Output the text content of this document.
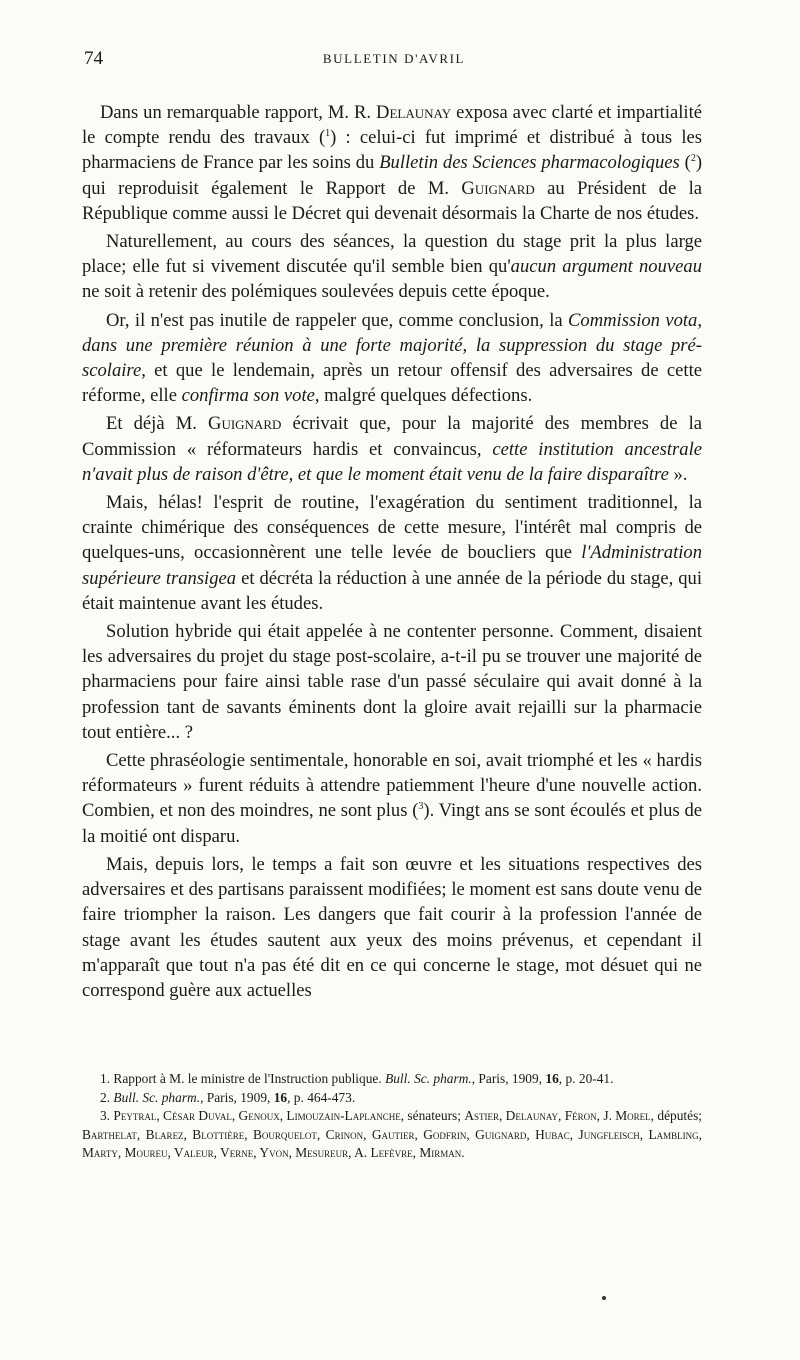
74	BULLETIN D'AVRIL

Dans un remarquable rapport, M. R. Delaunay exposa avec clarté et impartialité le compte rendu des travaux ($^1$) : celui-ci fut imprimé et distribué à tous les pharmaciens de France par les soins du Bulletin des Sciences pharmacologiques ($^2$) qui reproduisit également le Rapport de M. Guignard au Président de la République comme aussi le Décret qui devenait désormais la Charte de nos études.

Naturellement, au cours des séances, la question du stage prit la plus large place; elle fut si vivement discutée qu'il semble bien qu'aucun argument nouveau ne soit à retenir des polémiques soulevées depuis cette époque.

Or, il n'est pas inutile de rappeler que, comme conclusion, la Commission vota, dans une première réunion à une forte majorité, la suppression du stage pré-scolaire, et que le lendemain, après un retour offensif des adversaires de cette réforme, elle confirma son vote, malgré quelques défections.

Et déjà M. Guignard écrivait que, pour la majorité des membres de la Commission « réformateurs hardis et convaincus, cette institution ancestrale n'avait plus de raison d'être, et que le moment était venu de la faire disparaître ».

Mais, hélas! l'esprit de routine, l'exagération du sentiment traditionnel, la crainte chimérique des conséquences de cette mesure, l'intérêt mal compris de quelques-uns, occasionnèrent une telle levée de boucliers que l'Administration supérieure transigea et décréta la réduction à une année de la période du stage, qui était maintenue avant les études.

Solution hybride qui était appelée à ne contenter personne. Comment, disaient les adversaires du projet du stage post-scolaire, a-t-il pu se trouver une majorité de pharmaciens pour faire ainsi table rase d'un passé séculaire qui avait donné à la profession tant de savants éminents dont la gloire avait rejailli sur la pharmacie tout entière... ?

Cette phraséologie sentimentale, honorable en soi, avait triomphé et les « hardis réformateurs » furent réduits à attendre patiemment l'heure d'une nouvelle action. Combien, et non des moindres, ne sont plus ($^3$). Vingt ans se sont écoulés et plus de la moitié ont disparu.

Mais, depuis lors, le temps a fait son œuvre et les situations respectives des adversaires et des partisans paraissent modifiées; le moment est sans doute venu de faire triompher la raison. Les dangers que fait courir à la profession l'année de stage avant les études sautent aux yeux des moins prévenus, et cependant il m'apparaît que tout n'a pas été dit en ce qui concerne le stage, mot désuet qui ne correspond guère aux actuelles

1. Rapport à M. le ministre de l'Instruction publique. Bull. Sc. pharm., Paris, 1909, 16, p. 20-41.

2. Bull. Sc. pharm., Paris, 1909, 16, p. 464-473.

3. Peytral, César Duval, Genoux, Limouzain-Laplanche, sénateurs; Astier, Delaunay, Féron, J. Morel, députés; Barthelat, Blarez, Blottière, Bourquelot, Crinon, Gautier, Godfrin, Guignard, Hubac, Jungfleisch, Lambling, Marty, Moureu, Valeur, Verne, Yvon, Mesureur, A. Lefèvre, Mirman.
